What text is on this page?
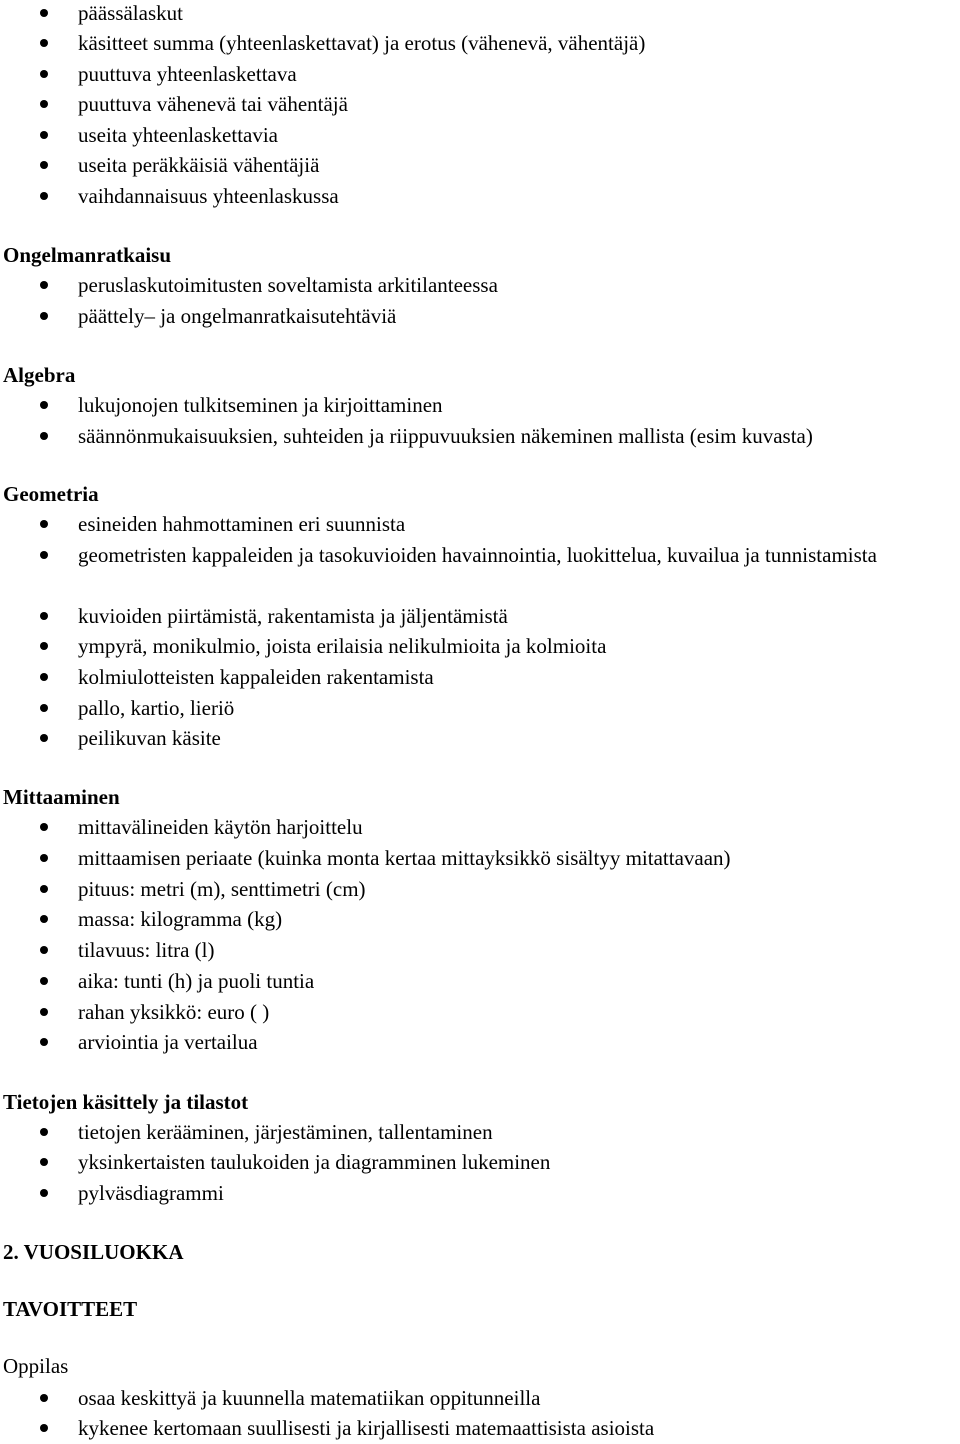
päässälaskut
käsitteet summa (yhteenlaskettavat) ja erotus (vähenevä, vähentäjä)
puuttuva yhteenlaskettava
puuttuva vähenevä tai vähentäjä
useita yhteenlaskettavia
useita peräkkäisiä vähentäjiä
vaihdannaisuus yhteenlaskussa
Ongelmanratkaisu
peruslaskutoimitusten soveltamista arkitilanteessa
päättely– ja ongelmanratkaisutehtäviä
Algebra
lukujonojen tulkitseminen ja kirjoittaminen
säännönmukaisuuksien, suhteiden ja riippuvuuksien näkeminen mallista (esim kuvasta)
Geometria
esineiden hahmottaminen eri suunnista
geometristen kappaleiden ja tasokuvioiden havainnointia, luokittelua, kuvailua ja tunnistamista
kuvioiden piirtämistä, rakentamista ja jäljentämistä
ympyrä, monikulmio, joista erilaisia nelikulmioita ja kolmioita
kolmiulotteisten kappaleiden rakentamista
pallo, kartio, lieriö
peilikuvan käsite
Mittaaminen
mittavälineiden käytön harjoittelu
mittaamisen periaate (kuinka monta kertaa mittayksikkö sisältyy mitattavaan)
pituus: metri (m), senttimetri (cm)
massa: kilogramma (kg)
tilavuus: litra (l)
aika: tunti (h) ja puoli tuntia
rahan yksikkö: euro ( )
arviointia ja vertailua
Tietojen käsittely ja tilastot
tietojen kerääminen, järjestäminen, tallentaminen
yksinkertaisten taulukoiden ja diagramminen lukeminen
pylväsdiagrammi
2. VUOSILUOKKA
TAVOITTEET
Oppilas
osaa keskittyä ja kuunnella matematiikan oppitunneilla
kykenee kertomaan suullisesti ja kirjallisesti matemaattisista asioista
